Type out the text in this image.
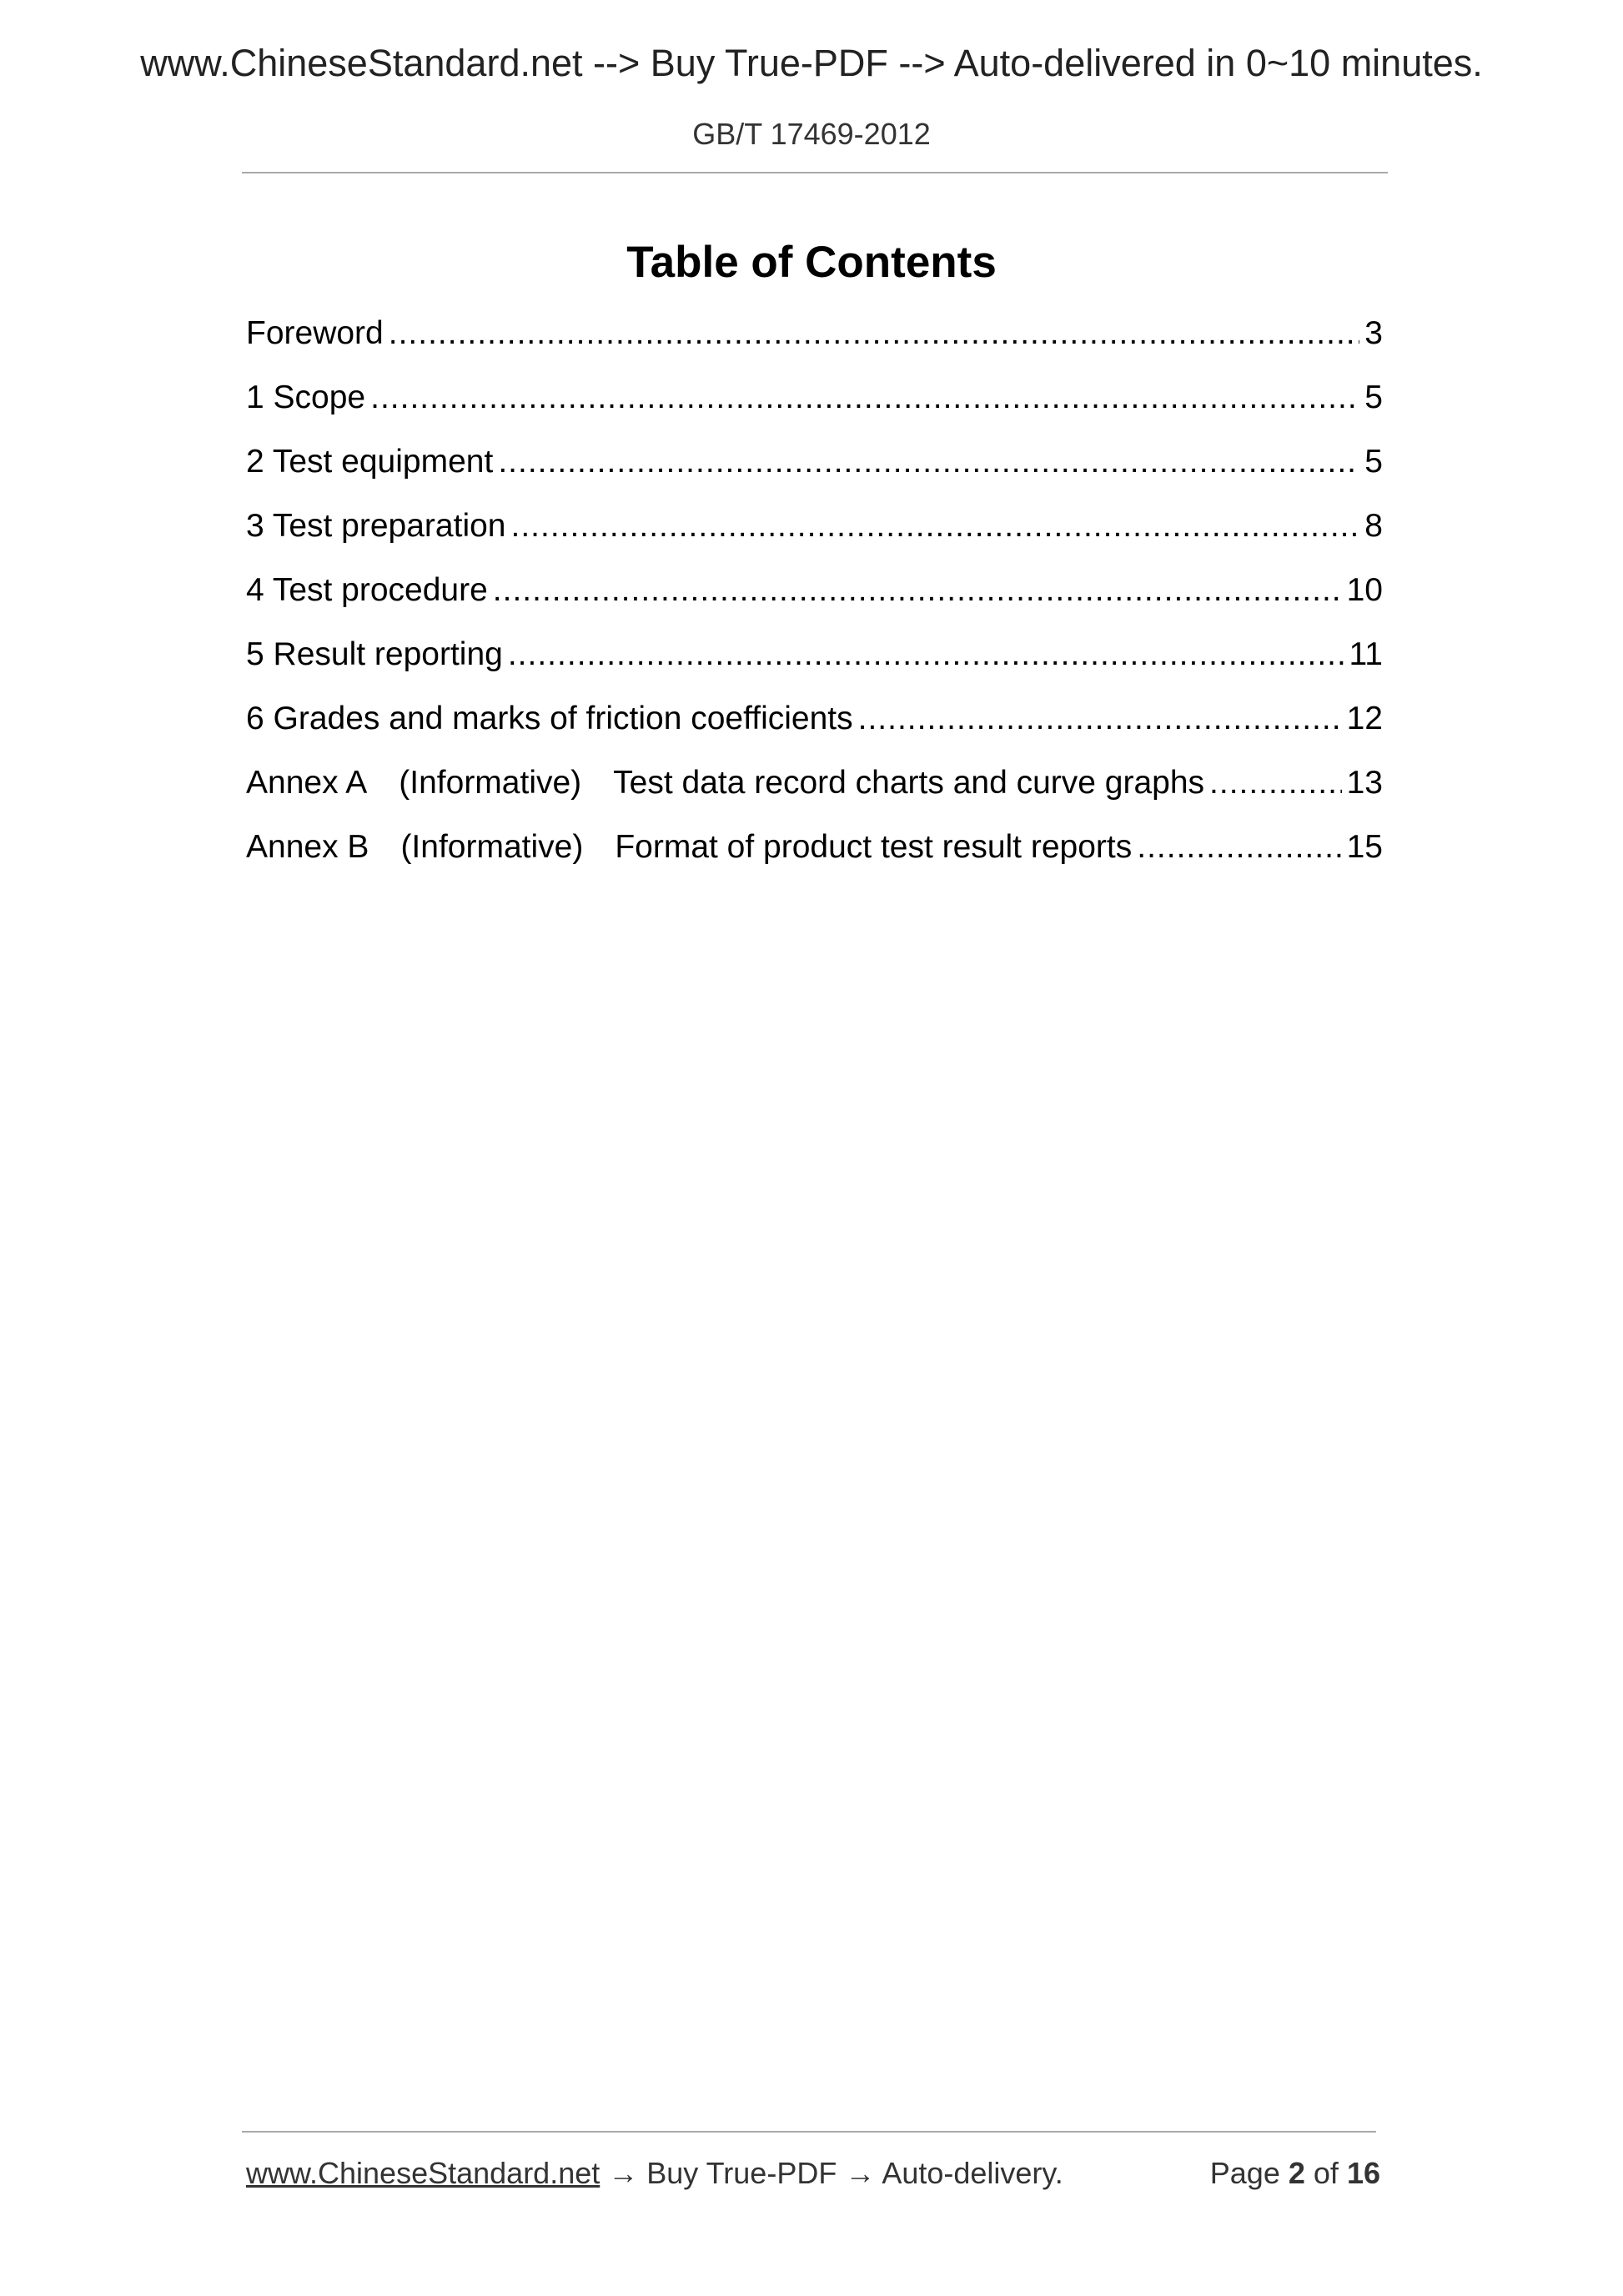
www.ChineseStandard.net --> Buy True-PDF --> Auto-delivered in 0~10 minutes.
GB/T 17469-2012
Table of Contents
Foreword .....	3
1 Scope .....	5
2 Test equipment .....	5
3 Test preparation .....	8
4 Test procedure .....	10
5 Result reporting .....	11
6 Grades and marks of friction coefficients .....	12
Annex A (Informative) Test data record charts and curve graphs .....	13
Annex B (Informative) Format of product test result reports .....	15
www.ChineseStandard.net → Buy True-PDF → Auto-delivery.	Page 2 of 16
